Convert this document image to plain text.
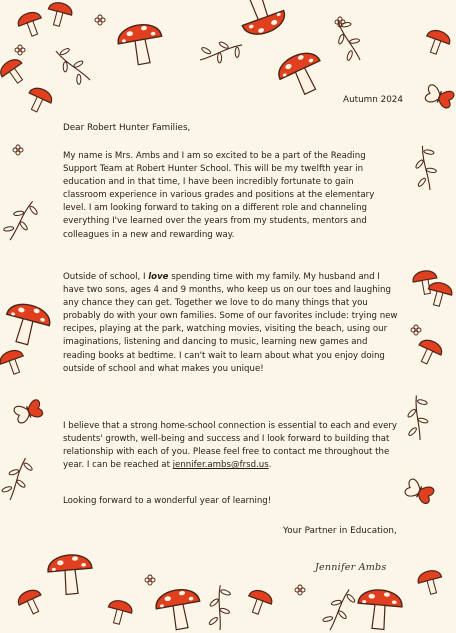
Autumn 2024

Dear Robert Hunter Families,

My name is Mrs. Ambs and I am so excited to be a part of the Reading Support Team at Robert Hunter School. This will be my twelfth year in education and in that time, I have been incredibly fortunate to gain classroom experience in various grades and positions at the elementary level. I am looking forward to taking on a different role and channeling everything I've learned over the years from my students, mentors and colleagues in a new and rewarding way.

Outside of school, I love spending time with my family. My husband and I have two sons, ages 4 and 9 months, who keep us on our toes and laughing any chance they can get. Together we love to do many things that you probably do with your own families. Some of our favorites include: trying new recipes, playing at the park, watching movies, visiting the beach, using our imaginations, listening and dancing to music, learning new games and reading books at bedtime. I can't wait to learn about what you enjoy doing outside of school and what makes you unique!

I believe that a strong home-school connection is essential to each and every students' growth, well-being and success and I look forward to building that relationship with each of you. Please feel free to contact me throughout the year. I can be reached at jennifer.ambs@frsd.us.

Looking forward to a wonderful year of learning!

Your Partner in Education,

Jennifer Ambs
